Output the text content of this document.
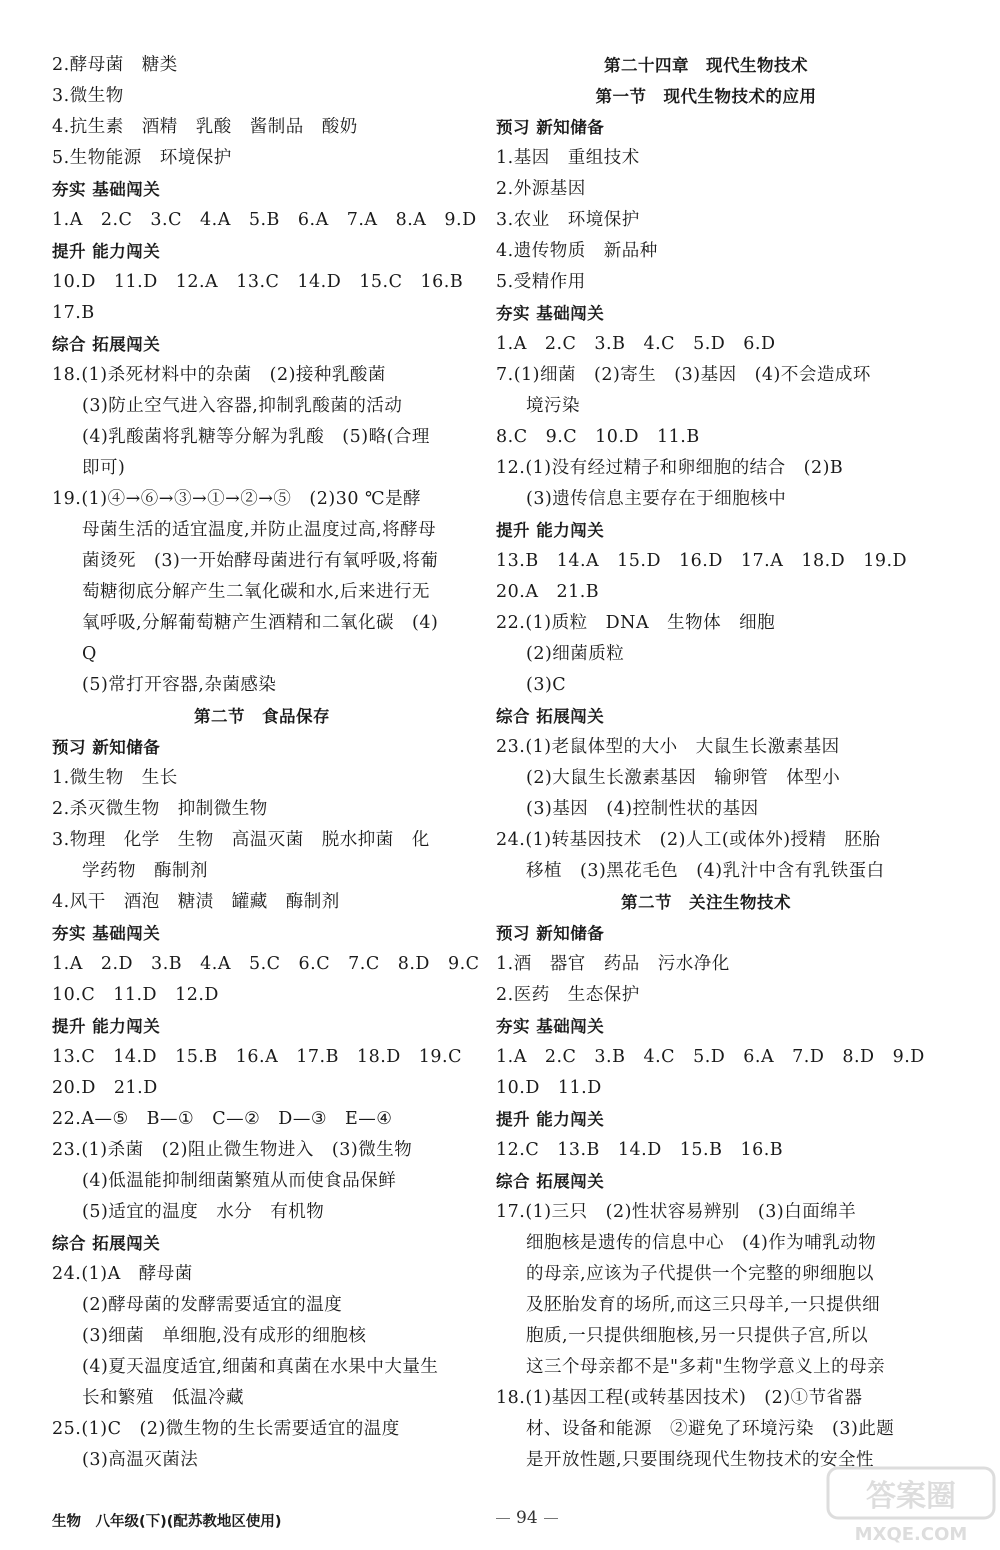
2.酵母菌　糖类
3.微生物
4.抗生素　酒精　乳酸　酱制品　酸奶
5.生物能源　环境保护
夯实 基础闯关
1.A　2.C　3.C　4.A　5.B　6.A　7.A　8.A　9.D
提升 能力闯关
10.D　11.D　12.A　13.C　14.D　15.C　16.B
17.B
综合 拓展闯关
18.(1)杀死材料中的杂菌　(2)接种乳酸菌
(3)防止空气进入容器,抑制乳酸菌的活动
(4)乳酸菌将乳糖等分解为乳酸　(5)略(合理
即可)
19.(1)④→⑥→③→①→②→⑤　(2)30 ℃是酵
母菌生活的适宜温度,并防止温度过高,将酵母
菌烫死　(3)一开始酵母菌进行有氧呼吸,将葡
萄糖彻底分解产生二氧化碳和水,后来进行无
氧呼吸,分解葡萄糖产生酒精和二氧化碳　(4)
Q
(5)常打开容器,杂菌感染
第二节　食品保存
预习 新知储备
1.微生物　生长
2.杀灭微生物　抑制微生物
3.物理　化学　生物　高温灭菌　脱水抑菌　化
学药物　酶制剂
4.风干　酒泡　糖渍　罐藏　酶制剂
夯实 基础闯关
1.A　2.D　3.B　4.A　5.C　6.C　7.C　8.D　9.C
10.C　11.D　12.D
提升 能力闯关
13.C　14.D　15.B　16.A　17.B　18.D　19.C
20.D　21.D
22.A—⑤　B—①　C—②　D—③　E—④
23.(1)杀菌　(2)阻止微生物进入　(3)微生物
(4)低温能抑制细菌繁殖从而使食品保鲜
(5)适宜的温度　水分　有机物
综合 拓展闯关
24.(1)A　酵母菌
(2)酵母菌的发酵需要适宜的温度
(3)细菌　单细胞,没有成形的细胞核
(4)夏天温度适宜,细菌和真菌在水果中大量生
长和繁殖　低温冷藏
25.(1)C　(2)微生物的生长需要适宜的温度
(3)高温灭菌法
第二十四章　现代生物技术
第一节　现代生物技术的应用
预习 新知储备
1.基因　重组技术
2.外源基因
3.农业　环境保护
4.遗传物质　新品种
5.受精作用
夯实 基础闯关
1.A　2.C　3.B　4.C　5.D　6.D
7.(1)细菌　(2)寄生　(3)基因　(4)不会造成环
境污染
8.C　9.C　10.D　11.B
12.(1)没有经过精子和卵细胞的结合　(2)B
(3)遗传信息主要存在于细胞核中
提升 能力闯关
13.B　14.A　15.D　16.D　17.A　18.D　19.D
20.A　21.B
22.(1)质粒　DNA　生物体　细胞
(2)细菌质粒
(3)C
综合 拓展闯关
23.(1)老鼠体型的大小　大鼠生长激素基因
(2)大鼠生长激素基因　输卵管　体型小
(3)基因　(4)控制性状的基因
24.(1)转基因技术　(2)人工(或体外)授精　胚胎
移植　(3)黑花毛色　(4)乳汁中含有乳铁蛋白
第二节　关注生物技术
预习 新知储备
1.酒　器官　药品　污水净化
2.医药　生态保护
夯实 基础闯关
1.A　2.C　3.B　4.C　5.D　6.A　7.D　8.D　9.D
10.D　11.D
提升 能力闯关
12.C　13.B　14.D　15.B　16.B
综合 拓展闯关
17.(1)三只　(2)性状容易辨别　(3)白面绵羊
细胞核是遗传的信息中心　(4)作为哺乳动物
的母亲,应该为子代提供一个完整的卵细胞以
及胚胎发育的场所,而这三只母羊,一只提供细
胞质,一只提供细胞核,另一只提供子宫,所以
这三个母亲都不是"多莉"生物学意义上的母亲
18.(1)基因工程(或转基因技术)　(2)①节省器
材、设备和能源　②避免了环境污染　(3)此题
是开放性题,只要围绕现代生物技术的安全性
生物　八年级(下)(配苏教地区使用)	94
答案圈
MXQE.COM
